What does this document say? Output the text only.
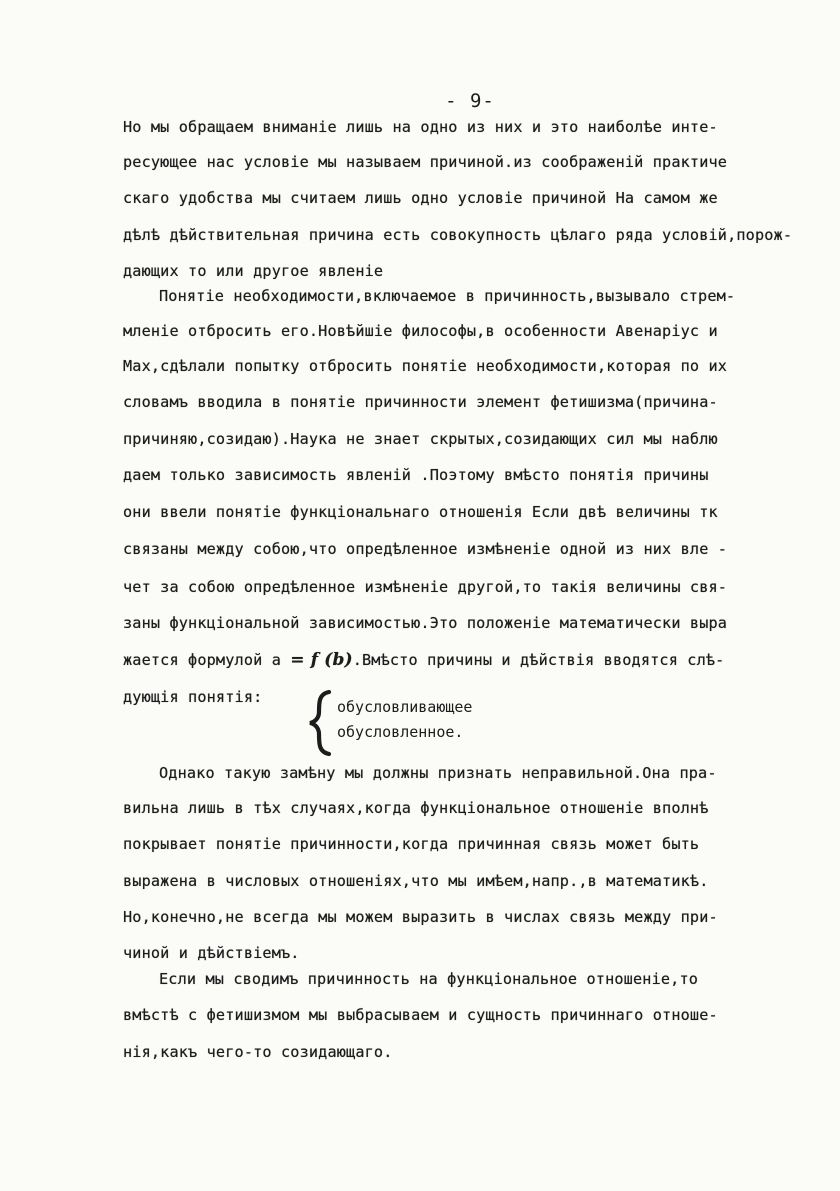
- 9-
Но мы обращаем вниманіе лишь на одно из них и это наиболѣе инте-
ресующее нас условіе мы называем причиной.из соображеній практиче
скаго удобства мы считаем лишь одно условіе причиной На самом же
дѣлѣ дѣйствительная причина есть совокупность цѣлаго ряда условій,порож-
дающих то или другое явленіе
Понятіе необходимости,включаемое в причинность,вызывало стрем-
мленіе отбросить его.Новѣйшіе философы,в особенности Авенаріус и
Мах,сдѣлали попытку отбросить понятіе необходимости,которая по их
словамъ вводила в понятіе причинности элемент фетишизма(причина-
причиняю,созидаю).Наука не знает скрытых,созидающих сил мы наблю
даем только зависимость явленій .Поэтому вмѣсто понятія причины
они ввели понятіе функціональнаго отношенія Если двѣ величины тк
связаны между собою,что опредѣленное измѣненіе одной из них вле -
чет за собою опредѣленное измѣненіе другой,то такія величины свя-
заны функціональной зависимостью.Это положеніе математически выра
жается формулой а = f (b).Вмѣсто причины и дѣйствія вводятся слѣ-
дующія понятія:
обусловливающее
обусловленное.
Однако такую замѣну мы должны признать неправильной.Она пра-
вильна лишь в тѣх случаях,когда функціональное отношеніе вполнѣ
покрывает понятіе причинности,когда причинная связь может быть
выражена в числовых отношеніях,что мы имѣем,напр.,в математикѣ.
Но,конечно,не всегда мы можем выразить в числах связь между при-
чиной и дѣйствіемъ.
Если мы сводимъ причинность на функціональное отношеніе,то
вмѣстѣ с фетишизмом мы выбрасываем и сущность причиннаго отноше-
нія,какъ чего-то созидающаго.
